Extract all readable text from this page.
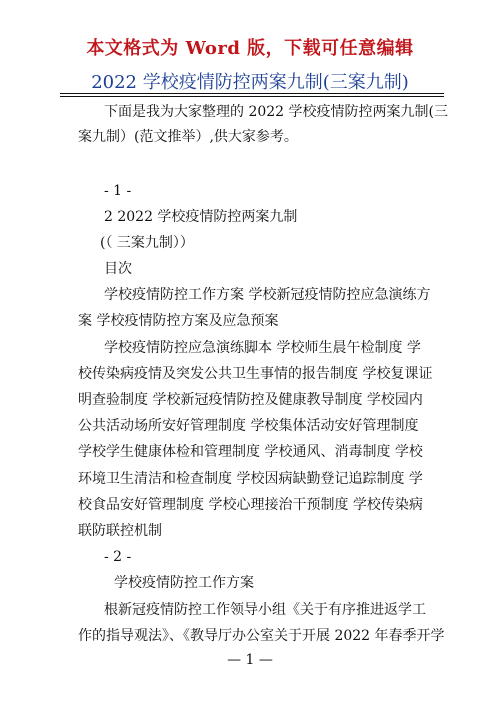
本文格式为 Word 版，下载可任意编辑
2022 学校疫情防控两案九制(三案九制)
下面是我为大家整理的 2022 学校疫情防控两案九制(三
案九制）(范文推举）,供大家参考。
- 1 -
2 2022 学校疫情防控两案九制
(（ 三案九制））
目次
学校疫情防控工作方案 学校新冠疫情防控应急演练方
案 学校疫情防控方案及应急预案
学校疫情防控应急演练脚本 学校师生晨午检制度 学
校传染病疫情及突发公共卫生事情的报告制度 学校复课证
明查验制度 学校新冠疫情防控及健康教导制度 学校园内
公共活动场所安好管理制度 学校集体活动安好管理制度
学校学生健康体检和管理制度 学校通风、消毒制度 学校
环境卫生清洁和检查制度 学校因病缺勤登记追踪制度 学
校食品安好管理制度 学校心理接治干预制度 学校传染病
联防联控机制
- 2 -
学校疫情防控工作方案
根新冠疫情防控工作领导小组《关于有序推进返学工
作的指导观法》、《教导厅办公室关于开展 2022 年春季开学
— 1 —
